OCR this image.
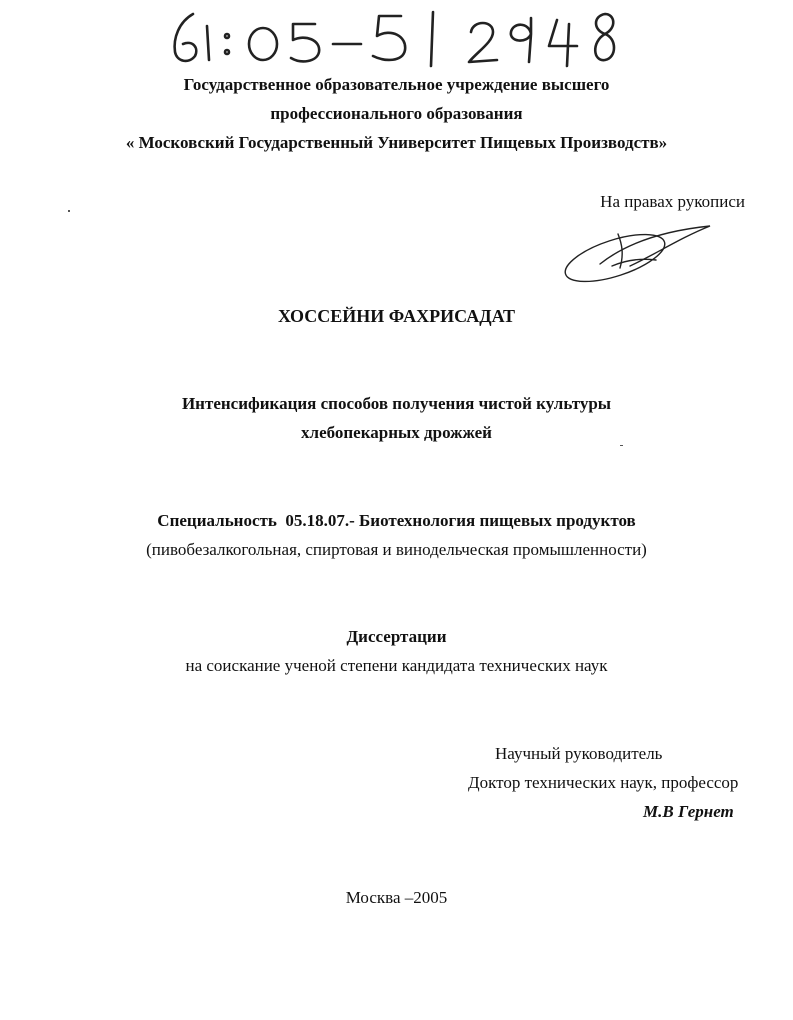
Государственное образовательное учреждение высшего
профессионального образования
« Московский Государственный Университет Пищевых Производств»
На правах рукописи
ХОССЕЙНИ ФАХРИСАДАТ
Интенсификация способов получения чистой культуры
хлебопекарных дрожжей
Специальность 05.18.07.- Биотехнология пищевых продуктов
(пивобезалкогольная, спиртовая и винодельческая промышленности)
Диссертации
на соискание ученой степени кандидата технических наук
Научный руководитель
Доктор технических наук, профессор
М.В Гернет
Москва –2005
